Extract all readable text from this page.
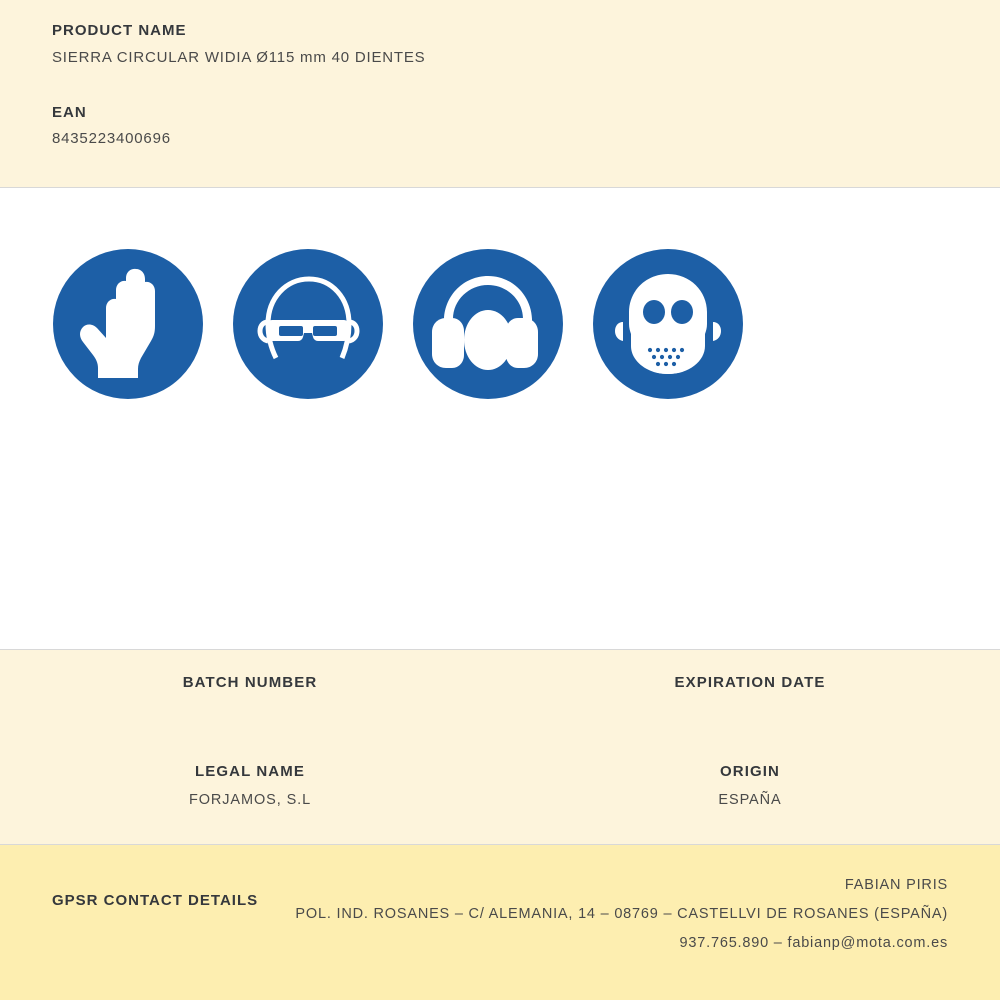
PRODUCT NAME

SIERRA CIRCULAR WIDIA Ø115 mm 40 DIENTES

EAN

8435223400696

BATCH NUMBER	EXPIRATION DATE

LEGAL NAME

FORJAMOS, S.L

ORIGIN

ESPAÑA

GPSR CONTACT DETAILS

FABIAN PIRIS

POL. IND. ROSANES – C/ ALEMANIA, 14 – 08769 – CASTELLVI DE ROSANES (ESPAÑA)

937.765.890 – fabianp@mota.com.es
